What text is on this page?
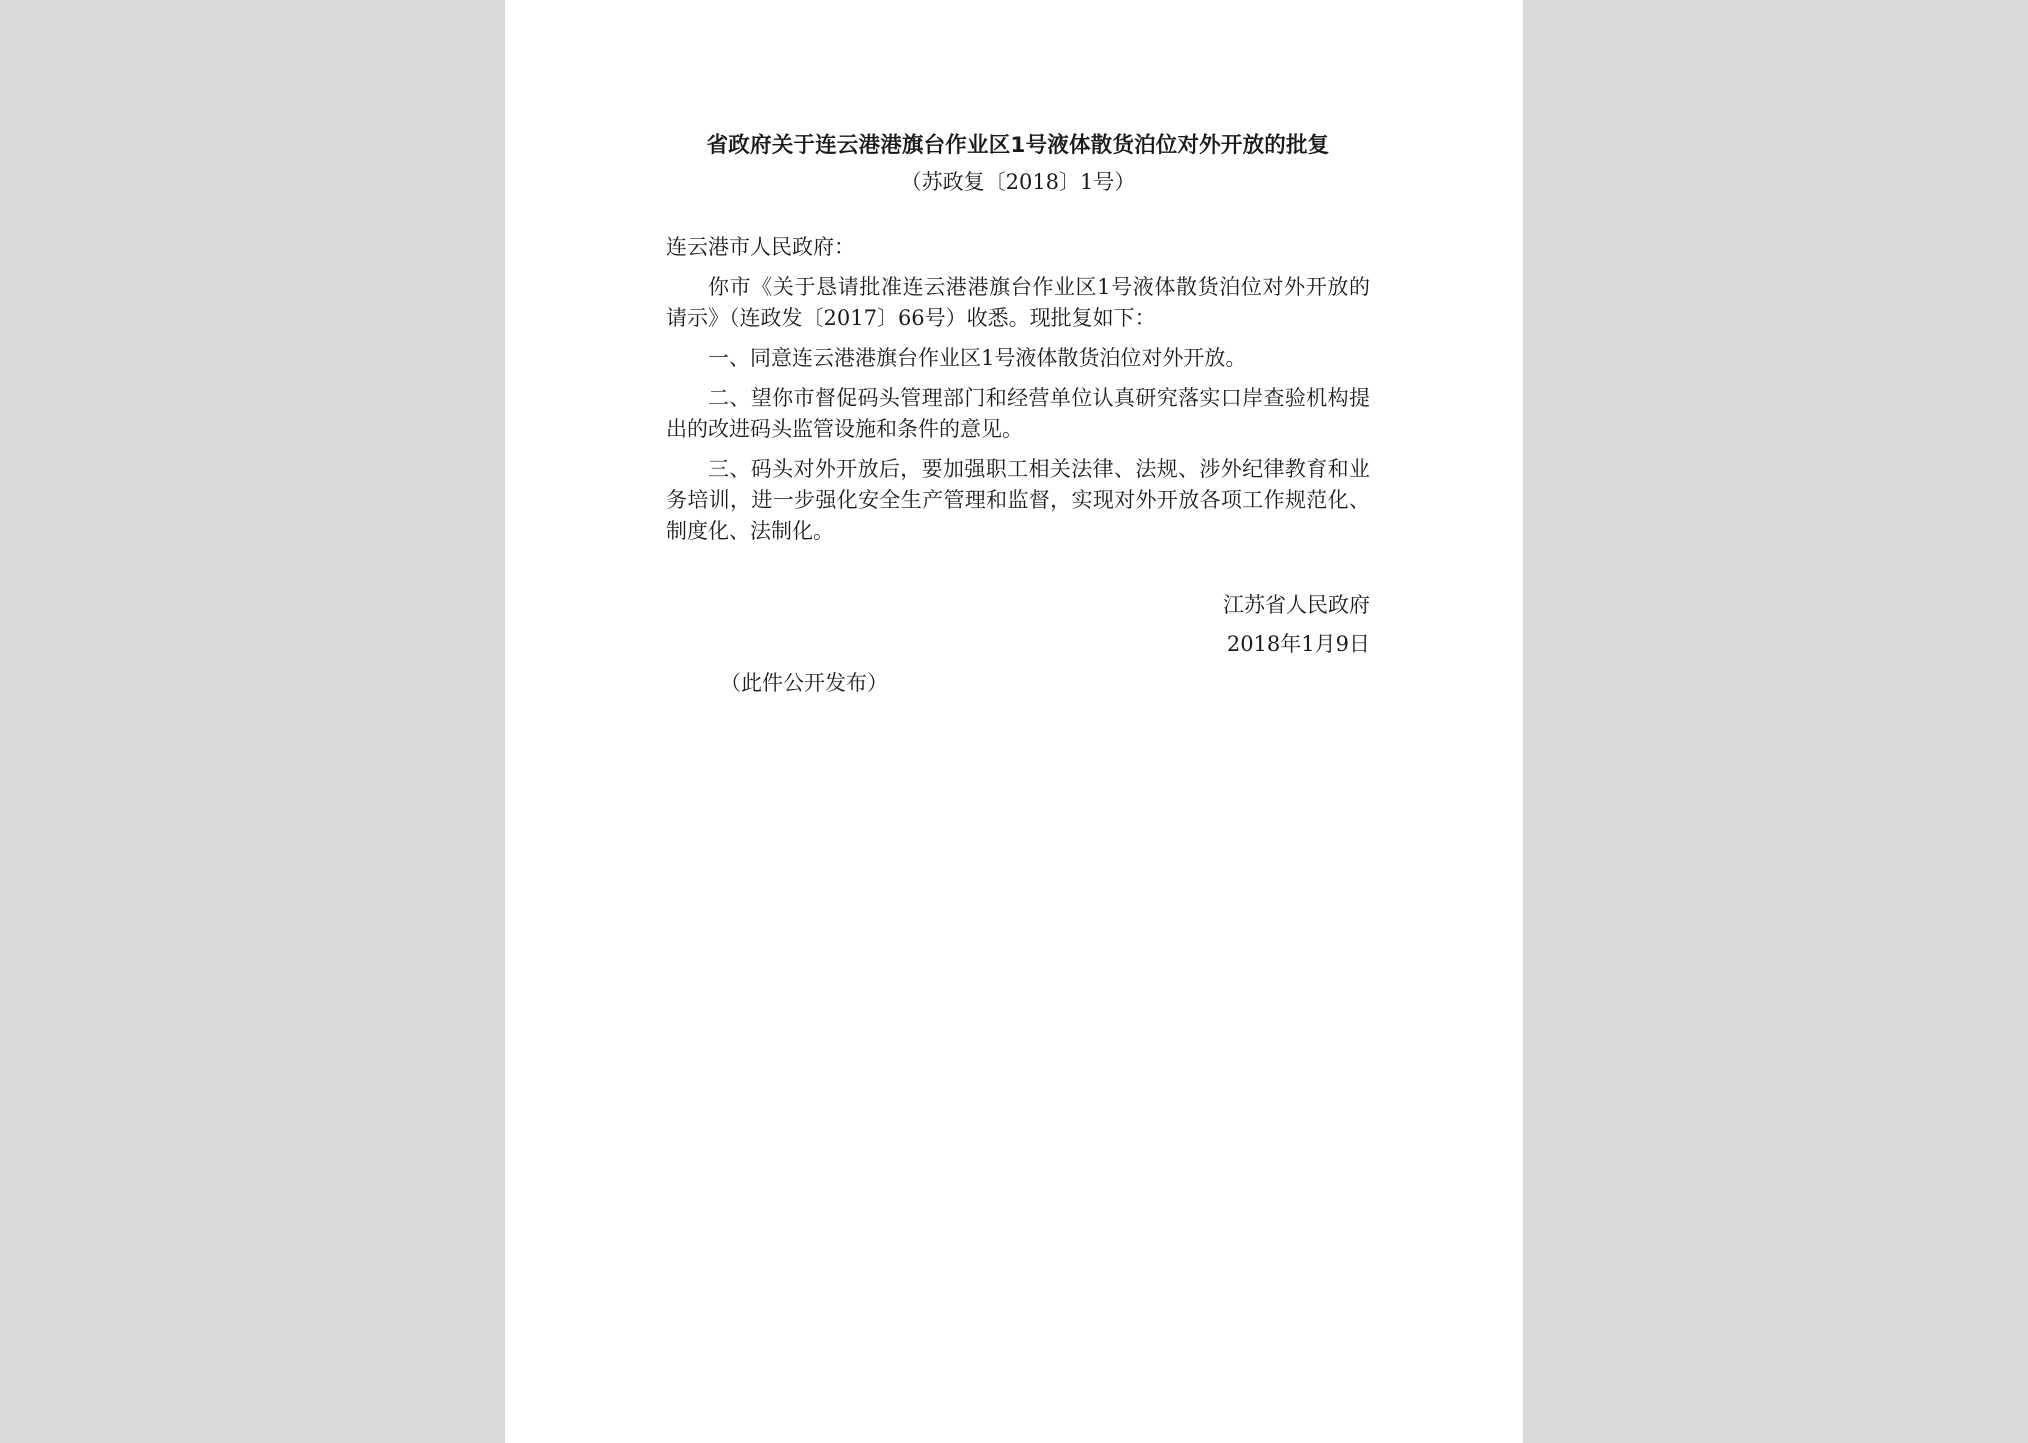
省政府关于连云港港旗台作业区1号液体散货泊位对外开放的批复
（苏政复〔2018〕1号）
连云港市人民政府：
你市《关于恳请批准连云港港旗台作业区1号液体散货泊位对外开放的请示》（连政发〔2017〕66号）收悉。现批复如下：
一、同意连云港港旗台作业区1号液体散货泊位对外开放。
二、望你市督促码头管理部门和经营单位认真研究落实口岸查验机构提出的改进码头监管设施和条件的意见。
三、码头对外开放后，要加强职工相关法律、法规、涉外纪律教育和业务培训，进一步强化安全生产管理和监督，实现对外开放各项工作规范化、制度化、法制化。
江苏省人民政府
2018年1月9日
（此件公开发布）
